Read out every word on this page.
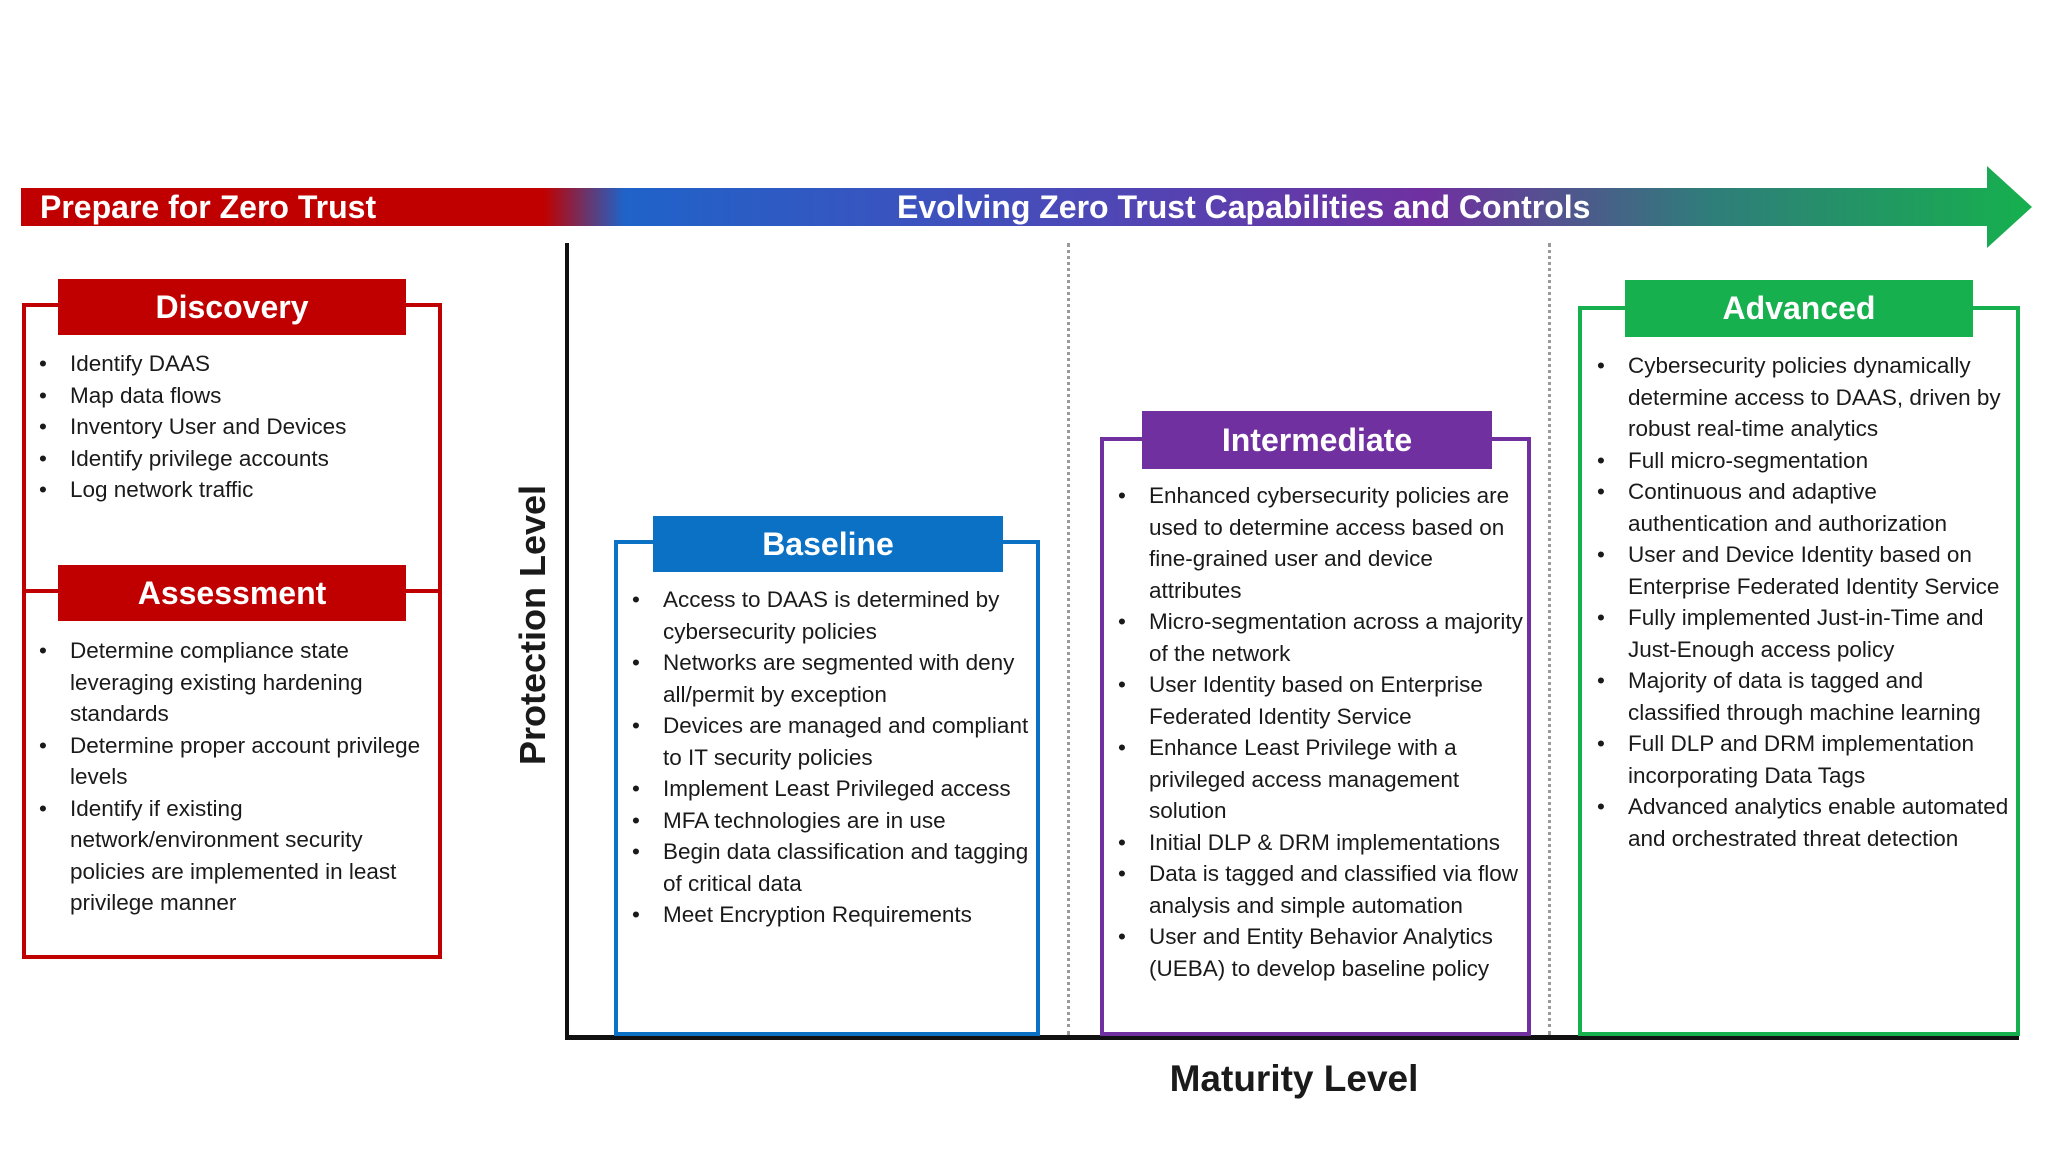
Prepare for Zero Trust	Evolving Zero Trust Capabilities and Controls
Protection Level
Maturity Level
Discovery
• Identify DAAS
• Map data flows
• Inventory User and Devices
• Identify privilege accounts
• Log network traffic
Assessment
• Determine compliance state leveraging existing hardening standards
• Determine proper account privilege levels
• Identify if existing network/environment security policies are implemented in least privilege manner
Baseline
• Access to DAAS is determined by cybersecurity policies
• Networks are segmented with deny all/permit by exception
• Devices are managed and compliant to IT security policies
• Implement Least Privileged access
• MFA technologies are in use
• Begin data classification and tagging of critical data
• Meet Encryption Requirements
Intermediate
• Enhanced cybersecurity policies are used to determine access based on fine-grained user and device attributes
• Micro-segmentation across a majority of the network
• User Identity based on Enterprise Federated Identity Service
• Enhance Least Privilege with a privileged access management solution
• Initial DLP & DRM implementations
• Data is tagged and classified via flow analysis and simple automation
• User and Entity Behavior Analytics (UEBA) to develop baseline policy
Advanced
• Cybersecurity policies dynamically determine access to DAAS, driven by robust real-time analytics
• Full micro-segmentation
• Continuous and adaptive authentication and authorization
• User and Device Identity based on Enterprise Federated Identity Service
• Fully implemented Just-in-Time and Just-Enough access policy
• Majority of data is tagged and classified through machine learning
• Full DLP and DRM implementation incorporating Data Tags
• Advanced analytics enable automated and orchestrated threat detection
